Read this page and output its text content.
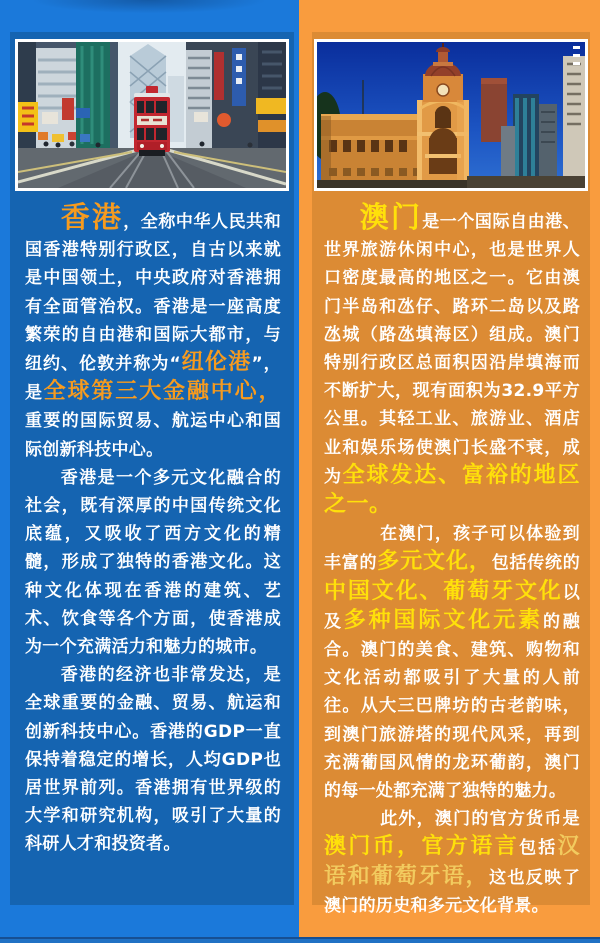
香港，全称中华人民共和国香港特别行政区，自古以来就是中国领土，中央政府对香港拥有全面管治权。香港是一座高度繁荣的自由港和国际大都市，与纽约、伦敦并称为“纽伦港”，是全球第三大金融中心，重要的国际贸易、航运中心和国际创新科技中心。

香港是一个多元文化融合的社会，既有深厚的中国传统文化底蕴，又吸收了西方文化的精髓，形成了独特的香港文化。这种文化体现在香港的建筑、艺术、饮食等各个方面，使香港成为一个充满活力和魅力的城市。

香港的经济也非常发达，是全球重要的金融、贸易、航运和创新科技中心。香港的GDP一直保持着稳定的增长，人均GDP也居世界前列。香港拥有世界级的大学和研究机构，吸引了大量的科研人才和投资者。

澳门是一个国际自由港、世界旅游休闲中心，也是世界人口密度最高的地区之一。它由澳门半岛和氹仔、路环二岛以及路氹城（路氹填海区）组成。澳门特别行政区总面积因沿岸填海而不断扩大，现有面积为32.9平方公里。其轻工业、旅游业、酒店业和娱乐场使澳门长盛不衰，成为全球发达、富裕的地区之一。

在澳门，孩子可以体验到丰富的多元文化，包括传统的中国文化、葡萄牙文化以及多种国际文化元素的融合。澳门的美食、建筑、购物和文化活动都吸引了大量的人前往。从大三巴牌坊的古老韵味，到澳门旅游塔的现代风采，再到充满葡国风情的龙环葡韵，澳门的每一处都充满了独特的魅力。

此外，澳门的官方货币是澳门币，官方语言包括汉语和葡萄牙语，这也反映了澳门的历史和多元文化背景。
